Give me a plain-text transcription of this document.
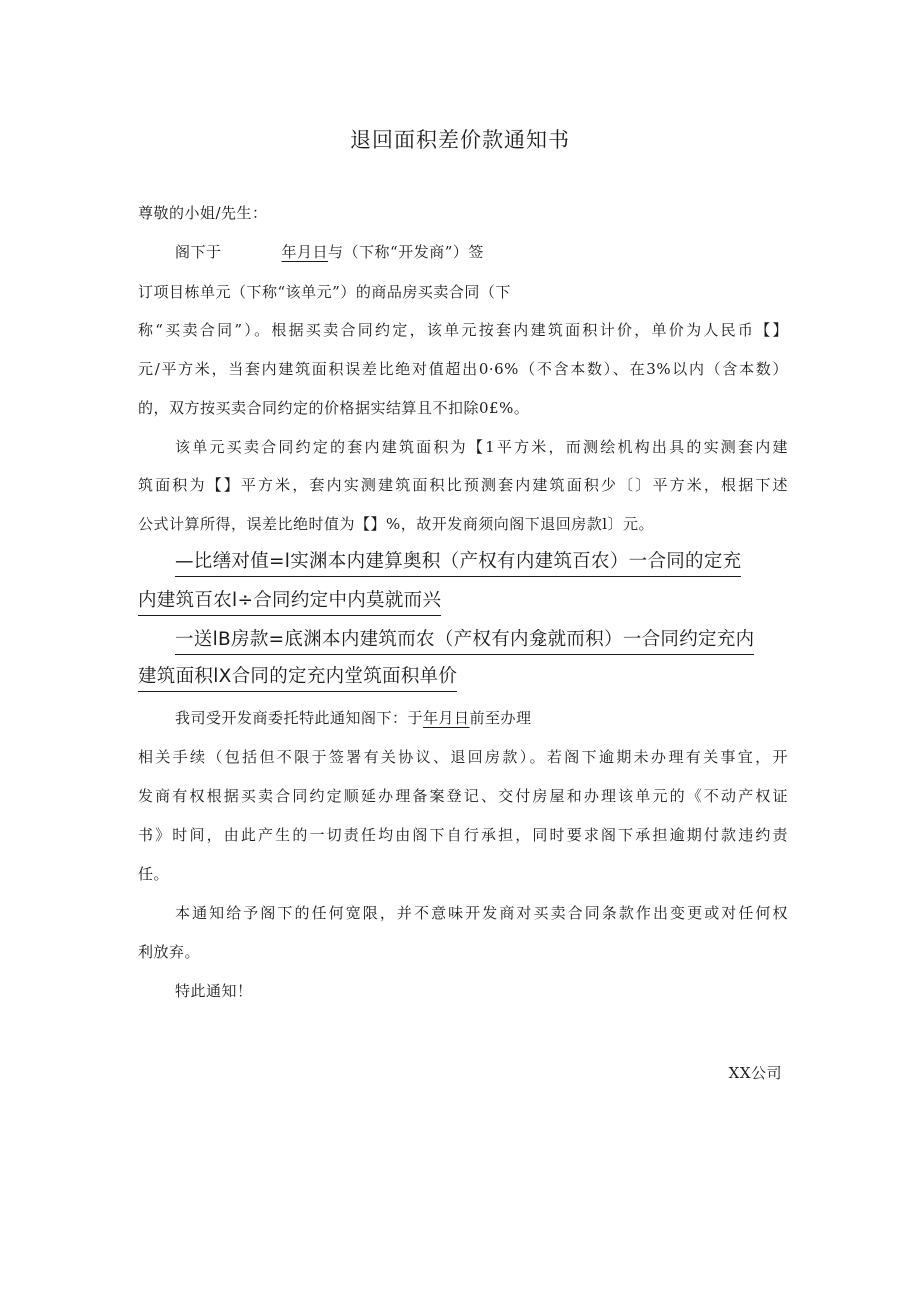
退回面积差价款通知书
尊敬的小姐/先生：
阁下于	年月日与（下称“开发商”）签
订项目栋单元（下称“该单元”）的商品房买卖合同（下
称“买卖合同”）。根据买卖合同约定，该单元按套内建筑面积计价，单价为人民币【】
元/平方米，当套内建筑面积误差比绝对值超出0·6%（不含本数）、在3%以内（含本数）
的，双方按买卖合同约定的价格据实结算且不扣除0£%。
该单元买卖合同约定的套内建筑面积为【1平方米，而测绘机构出具的实测套内建
筑面积为【】平方米，套内实测建筑面积比预测套内建筑面积少〔〕平方米，根据下述
公式计算所得，误差比绝时值为【】%，故开发商须向阁下退回房款l〕元。
—比缮对值=l实渊本内建算奥积（产权有内建筑百农）一合同的定充
内建筑百农l÷合同约定中内莫就而兴
一送lB房款=底渊本内建筑而农（产权有内龛就而积）一合同约定充内
建筑面积lX合同的定充内堂筑面积单价
我司受开发商委托特此通知阁下：于年月日前至办理
相关手续（包括但不限于签署有关协议、退回房款）。若阁下逾期未办理有关事宜，开
发商有权根据买卖合同约定顺延办理备案登记、交付房屋和办理该单元的《不动产权证
书》时间，由此产生的一切责任均由阁下自行承担，同时要求阁下承担逾期付款违约责
任。
本通知给予阁下的任何宽限，并不意味开发商对买卖合同条款作出变更或对任何权
利放弃。
特此通知！
XX公司
